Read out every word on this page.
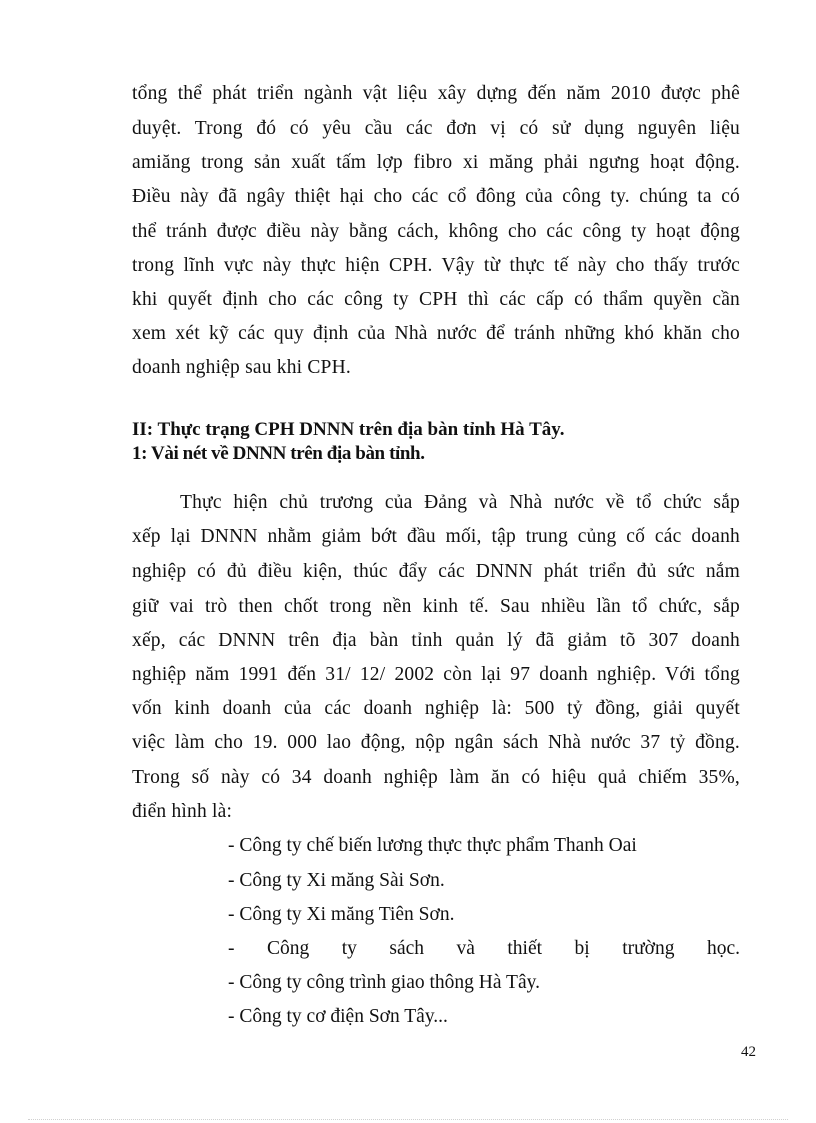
tổng thể phát triển ngành vật liệu xây dựng đến năm 2010 được phê
duyệt. Trong đó có yêu cầu các đơn vị có sử dụng nguyên liệu
amiăng trong sản xuất tấm lợp fibro xi măng phải ngưng hoạt động.
Điều này đã ngây thiệt hại cho các cổ đông của công ty. chúng ta có
thể tránh được điều này bằng cách, không cho các công ty hoạt động
trong lĩnh vực này thực hiện CPH. Vậy từ thực tế này cho thấy trước
khi quyết định cho các công ty CPH thì các cấp có thẩm quyền cần
xem xét kỹ các quy định của Nhà nước để tránh những khó khăn cho
doanh nghiệp sau khi CPH.
II: Thực trạng CPH DNNN trên địa bàn tỉnh Hà Tây.
1: Vài nét về DNNN trên địa bàn tỉnh.
Thực hiện chủ trương của Đảng và Nhà nước về tổ chức sắp
xếp lại DNNN nhằm giảm bớt đầu mối, tập trung củng cố các doanh
nghiệp có đủ điều kiện, thúc đẩy các DNNN phát triển đủ sức nắm
giữ vai trò then chốt trong nền kinh tế. Sau nhiều lần tổ chức, sắp
xếp, các DNNN trên địa bàn tỉnh quản lý đã giảm tõ 307 doanh
nghiệp năm 1991 đến 31/ 12/ 2002 còn lại 97 doanh nghiệp. Với tổng
vốn kinh doanh của các doanh nghiệp là: 500 tỷ đồng, giải quyết
việc làm cho 19. 000 lao động, nộp ngân sách Nhà nước 37 tỷ đồng.
Trong số này có 34 doanh nghiệp làm ăn có hiệu quả chiếm 35%,
điển hình là:
- Công ty chế biến lương thực thực phẩm Thanh Oai
- Công ty Xi măng Sài Sơn.
- Công ty Xi măng Tiên Sơn.
- Công ty sách và thiết bị trường học.
- Công ty công trình giao thông Hà Tây.
- Công ty cơ điện Sơn Tây...
42
